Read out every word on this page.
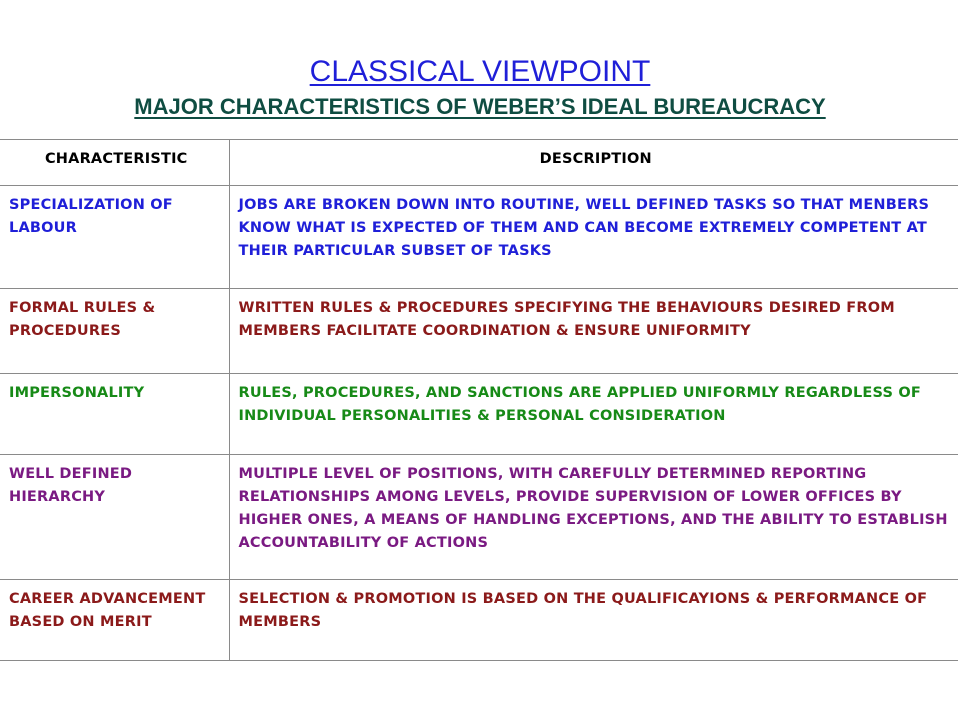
CLASSICAL VIEWPOINT
MAJOR CHARACTERISTICS OF WEBER’S IDEAL BUREAUCRACY
CHARACTERISTIC	DESCRIPTION
SPECIALIZATION OF LABOUR	JOBS ARE BROKEN DOWN INTO ROUTINE, WELL DEFINED TASKS SO THAT MENBERS KNOW WHAT IS EXPECTED OF THEM AND CAN BECOME EXTREMELY COMPETENT AT THEIR PARTICULAR SUBSET OF TASKS
FORMAL RULES & PROCEDURES	WRITTEN RULES & PROCEDURES SPECIFYING THE BEHAVIOURS DESIRED FROM MEMBERS FACILITATE COORDINATION & ENSURE UNIFORMITY
IMPERSONALITY	RULES, PROCEDURES, AND SANCTIONS ARE APPLIED UNIFORMLY REGARDLESS OF INDIVIDUAL PERSONALITIES & PERSONAL CONSIDERATION
WELL DEFINED HIERARCHY	MULTIPLE LEVEL OF POSITIONS, WITH CAREFULLY DETERMINED REPORTING RELATIONSHIPS AMONG LEVELS, PROVIDE SUPERVISION OF LOWER OFFICES BY HIGHER ONES, A MEANS OF HANDLING EXCEPTIONS, AND THE ABILITY TO ESTABLISH ACCOUNTABILITY OF ACTIONS
CAREER ADVANCEMENT BASED ON MERIT	SELECTION & PROMOTION IS BASED ON THE QUALIFICAYIONS & PERFORMANCE OF MEMBERS
